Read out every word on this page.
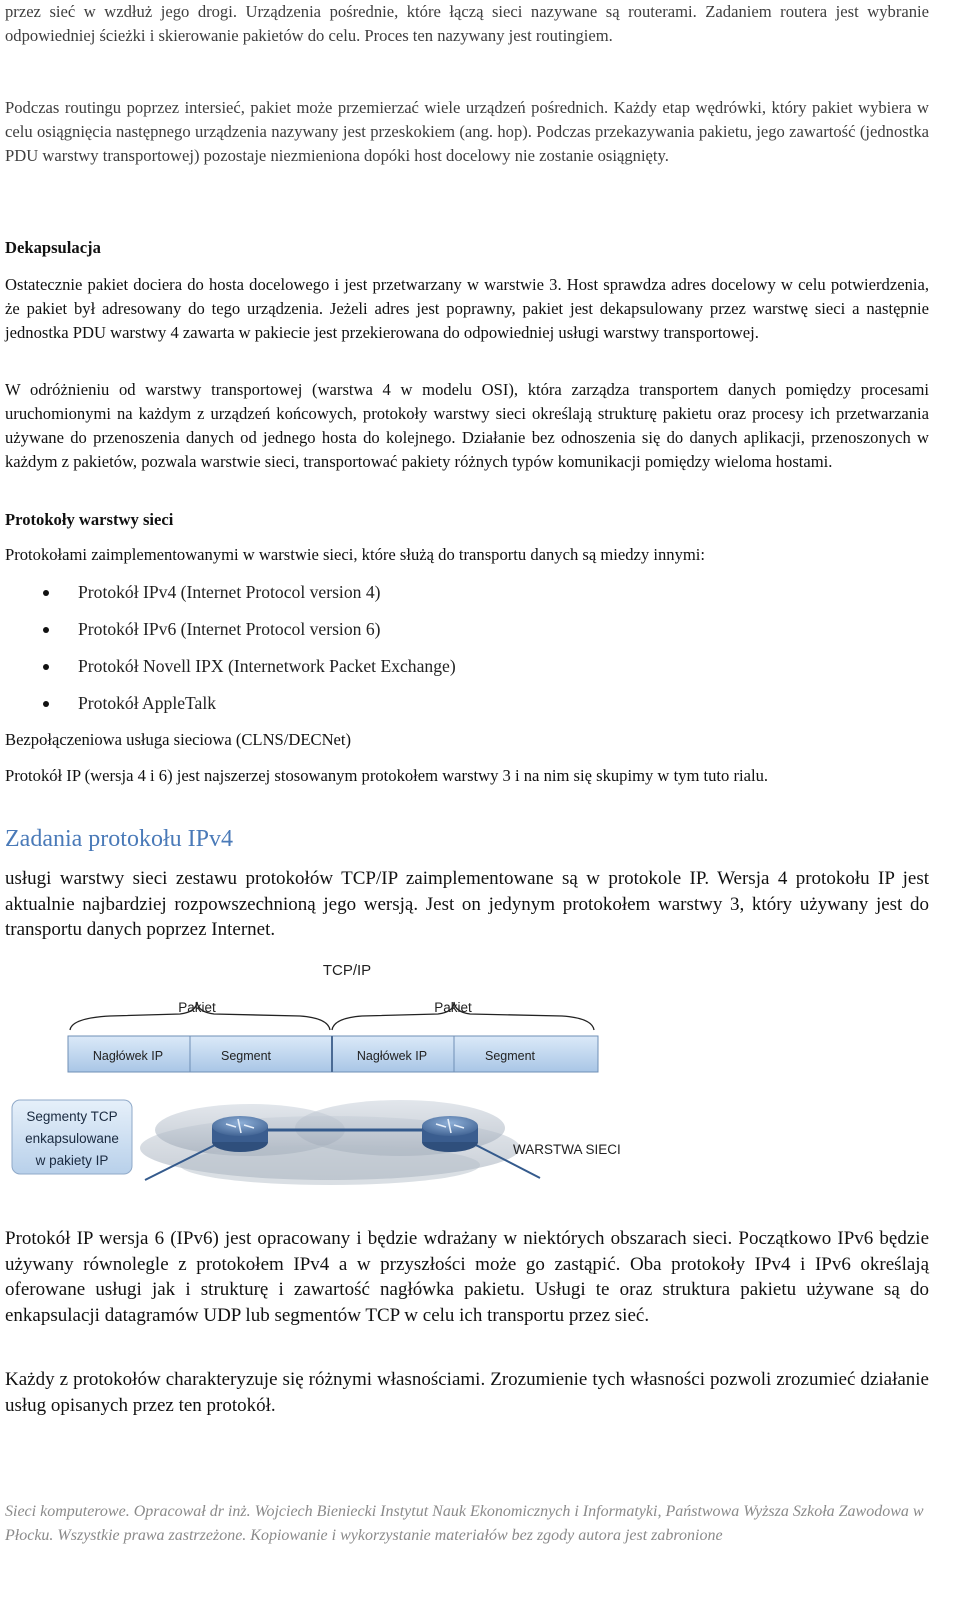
przez sieć w wzdłuż jego drogi. Urządzenia pośrednie, które łączą sieci nazywane są routerami. Zadaniem routera jest wybranie odpowiedniej ścieżki i skierowanie pakietów do celu. Proces ten nazywany jest routingiem.

Podczas routingu poprzez intersieć, pakiet może przemierzać wiele urządzeń pośrednich. Każdy etap wędrówki, który pakiet wybiera w celu osiągnięcia następnego urządzenia nazywany jest przeskokiem (ang. hop). Podczas przekazywania pakietu, jego zawartość (jednostka PDU warstwy transportowej) pozostaje niezmieniona dopóki host docelowy nie zostanie osiągnięty.

Dekapsulacja

Ostatecznie pakiet dociera do hosta docelowego i jest przetwarzany w warstwie 3. Host sprawdza adres docelowy w celu potwierdzenia, że pakiet był adresowany do tego urządzenia. Jeżeli adres jest poprawny, pakiet jest dekapsulowany przez warstwę sieci a następnie jednostka PDU warstwy 4 zawarta w pakiecie jest przekierowana do odpowiedniej usługi warstwy transportowej.

W odróżnieniu od warstwy transportowej (warstwa 4 w modelu OSI), która zarządza transportem danych pomiędzy procesami uruchomionymi na każdym z urządzeń końcowych, protokoły warstwy sieci określają strukturę pakietu oraz procesy ich przetwarzania używane do przenoszenia danych od jednego hosta do kolejnego. Działanie bez odnoszenia się do danych aplikacji, przenoszonych w każdym z pakietów, pozwala warstwie sieci, transportować pakiety różnych typów komunikacji pomiędzy wieloma hostami.

Protokoły warstwy sieci

Protokołami zaimplementowanymi w warstwie sieci, które służą do transportu danych są miedzy innymi:

Protokół IPv4 (Internet Protocol version 4)
Protokół IPv6 (Internet Protocol version 6)
Protokół Novell IPX (Internetwork Packet Exchange)
Protokół AppleTalk

Bezpołączeniowa usługa sieciowa (CLNS/DECNet)

Protokół IP (wersja 4 i 6) jest najszerzej stosowanym protokołem warstwy 3 i na nim się skupimy w tym tuto rialu.

Zadania protokołu IPv4

usługi warstwy sieci zestawu protokołów TCP/IP zaimplementowane są w protokole IP. Wersja 4 protokołu IP jest aktualnie najbardziej rozpowszechnioną jego wersją. Jest on jedynym protokołem warstwy 3, który używany jest do transportu danych poprzez Internet.

TCP/IP
Pakiet	Pakiet
Nagłówek IP	Segment	Nagłówek IP	Segment
Segmenty TCP
enkapsulowane
w pakiety IP
WARSTWA SIECI

Protokół IP wersja 6 (IPv6) jest opracowany i będzie wdrażany w niektórych obszarach sieci. Początkowo IPv6 będzie używany równolegle z protokołem IPv4 a w przyszłości może go zastąpić. Oba protokoły IPv4 i IPv6 określają oferowane usługi jak i strukturę i zawartość nagłówka pakietu. Usługi te oraz struktura pakietu używane są do enkapsulacji datagramów UDP lub segmentów TCP w celu ich transportu przez sieć.

Każdy z protokołów charakteryzuje się różnymi własnościami. Zrozumienie tych własności pozwoli zrozumieć działanie usług opisanych przez ten protokół.

Sieci komputerowe. Opracował dr inż. Wojciech Bieniecki Instytut Nauk Ekonomicznych i Informatyki, Państwowa Wyższa Szkoła Zawodowa w Płocku. Wszystkie prawa zastrzeżone. Kopiowanie i wykorzystanie materiałów bez zgody autora jest zabronione
